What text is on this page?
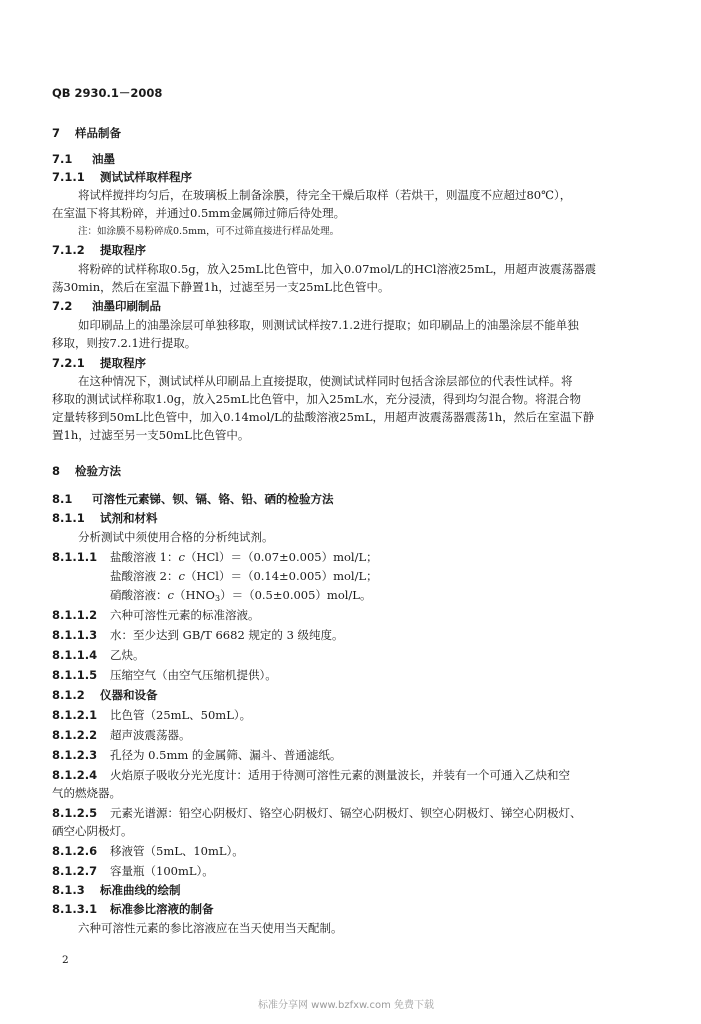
QB 2930.1－2008
7 样品制备
7.1 油墨
7.1.1 测试试样取样程序
将试样搅拌均匀后，在玻璃板上制备涂膜，待完全干燥后取样（若烘干，则温度不应超过80℃），
在室温下将其粉碎，并通过0.5mm金属筛过筛后待处理。
注：如涂膜不易粉碎成0.5mm，可不过筛直接进行样品处理。
7.1.2 提取程序
将粉碎的试样称取0.5g，放入25mL比色管中，加入0.07mol/L的HCl溶液25mL，用超声波震荡器震
荡30min，然后在室温下静置1h，过滤至另一支25mL比色管中。
7.2 油墨印刷制品
如印刷品上的油墨涂层可单独移取，则测试试样按7.1.2进行提取；如印刷品上的油墨涂层不能单独
移取，则按7.2.1进行提取。
7.2.1 提取程序
在这种情况下，测试试样从印刷品上直接提取，使测试试样同时包括含涂层部位的代表性试样。将
移取的测试试样称取1.0g，放入25mL比色管中，加入25mL水，充分浸渍，得到均匀混合物。将混合物
定量转移到50mL比色管中，加入0.14mol/L的盐酸溶液25mL，用超声波震荡器震荡1h，然后在室温下静
置1h，过滤至另一支50mL比色管中。
8 检验方法
8.1 可溶性元素锑、钡、镉、铬、铅、硒的检验方法
8.1.1 试剂和材料
分析测试中须使用合格的分析纯试剂。
8.1.1.1 盐酸溶液 1：c（HCl）＝（0.07±0.005）mol/L；
盐酸溶液 2：c（HCl）＝（0.14±0.005）mol/L；
硝酸溶液：$c(HNO_3)=(0.5\pm 0.005)mol/L$。
8.1.1.2 六种可溶性元素的标准溶液。
8.1.1.3 水：至少达到 GB/T 6682 规定的 3 级纯度。
8.1.1.4 乙炔。
8.1.1.5 压缩空气（由空气压缩机提供）。
8.1.2 仪器和设备
8.1.2.1 比色管（25mL、50mL）。
8.1.2.2 超声波震荡器。
8.1.2.3 孔径为 0.5mm 的金属筛、漏斗、普通滤纸。
8.1.2.4 火焰原子吸收分光光度计：适用于待测可溶性元素的测量波长，并装有一个可通入乙炔和空
气的燃烧器。
8.1.2.5 元素光谱源：铅空心阴极灯、铬空心阴极灯、镉空心阴极灯、钡空心阴极灯、锑空心阴极灯、
硒空心阴极灯。
8.1.2.6 移液管（5mL、10mL）。
8.1.2.7 容量瓶（100mL）。
8.1.3 标准曲线的绘制
8.1.3.1 标准参比溶液的制备
六种可溶性元素的参比溶液应在当天使用当天配制。
2
标准分享网 www.bzfxw.com 免费下载
